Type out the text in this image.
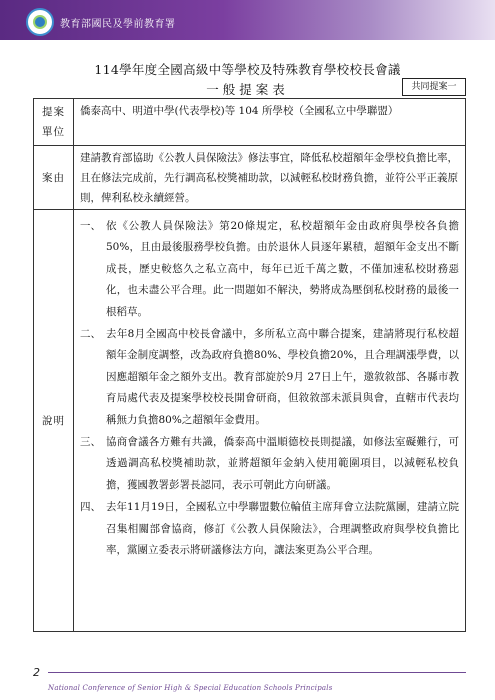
教育部國民及學前教育署
114學年度全國高級中等學校及特殊教育學校校長會議
一般提案表	共同提案一
提案單位
僑泰高中、明道中學(代表學校)等 104 所學校（全國私立中學聯盟）
案由
建請教育部協助《公教人員保險法》修法事宜，降低私校超額年金學校負擔比率，且在修法完成前，先行調高私校獎補助款，以減輕私校財務負擔，並符公平正義原則，俾利私校永續經營。
說明
一、 依《公教人員保險法》第20條規定，私校超額年金由政府與學校各負擔50%，且由最後服務學校負擔。由於退休人員逐年累積，超額年金支出不斷成長，歷史較悠久之私立高中，每年已近千萬之數，不僅加速私校財務惡化，也未盡公平合理。此一問題如不解決，勢將成為壓倒私校財務的最後一根稻草。
二、 去年8月全國高中校長會議中，多所私立高中聯合提案，建請將現行私校超額年金制度調整，改為政府負擔80%、學校負擔20%，且合理調漲學費，以因應超額年金之額外支出。教育部旋於9月 27日上午，邀敘敘部、各縣市教育局處代表及提案學校校長開會研商，但敘敘部未派員與會，直轄市代表均稱無力負擔80%之超額年金費用。
三、 協商會議各方難有共識，僑泰高中溫順德校長則提議，如修法室礙難行，可透過調高私校獎補助款，並將超額年金納入使用範圍項目，以減輕私校負擔，獲國教署彭署長認同，表示可朝此方向研議。
四、 去年11月19日，全國私立中學聯盟數位輪值主席拜會立法院黨團，建請立院召集相關部會協商，修訂《公教人員保險法》，合理調整政府與學校負擔比率，黨團立委表示將研議修法方向，讓法案更為公平合理。
2
National Conference of Senior High & Special Education Schools Principals
